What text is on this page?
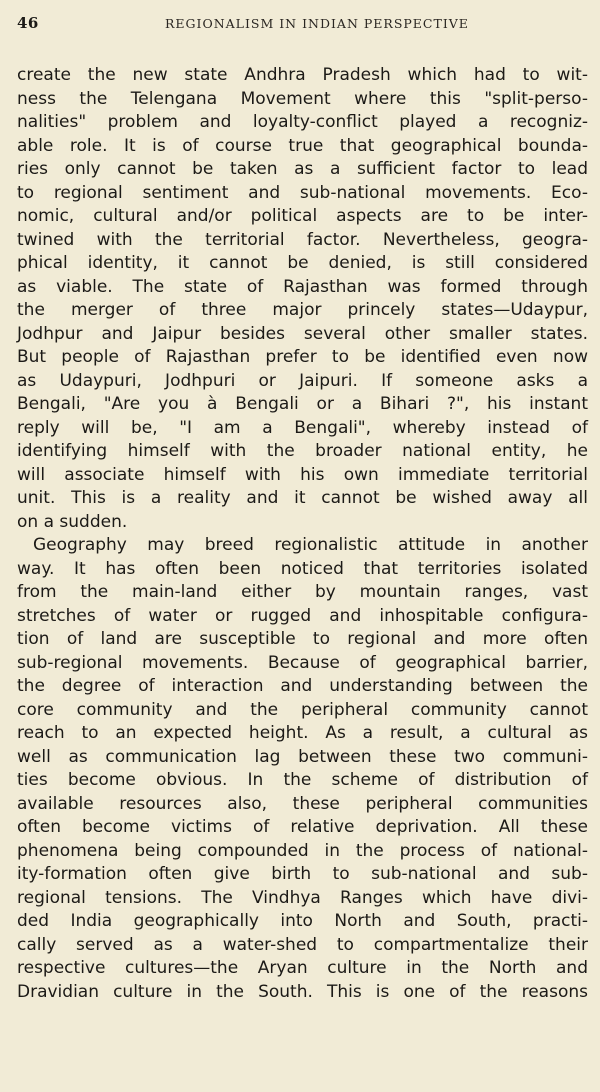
46	REGIONALISM IN INDIAN PERSPECTIVE
create the new state Andhra Pradesh which had to wit-
ness the Telengana Movement where this "split-perso-
nalities" problem and loyalty-conflict played a recogniz-
able role. It is of course true that geographical bounda-
ries only cannot be taken as a sufficient factor to lead
to regional sentiment and sub-national movements. Eco-
nomic, cultural and/or political aspects are to be inter-
twined with the territorial factor. Nevertheless, geogra-
phical identity, it cannot be denied, is still considered
as viable. The state of Rajasthan was formed through
the merger of three major princely states—Udaypur,
Jodhpur and Jaipur besides several other smaller states.
But people of Rajasthan prefer to be identified even now
as Udaypuri, Jodhpuri or Jaipuri. If someone asks a
Bengali, "Are you à Bengali or a Bihari ?", his instant
reply will be, "I am a Bengali", whereby instead of
identifying himself with the broader national entity, he
will associate himself with his own immediate territorial
unit. This is a reality and it cannot be wished away all
on a sudden.
Geography may breed regionalistic attitude in another
way. It has often been noticed that territories isolated
from the main-land either by mountain ranges, vast
stretches of water or rugged and inhospitable configura-
tion of land are susceptible to regional and more often
sub-regional movements. Because of geographical barrier,
the degree of interaction and understanding between the
core community and the peripheral community cannot
reach to an expected height. As a result, a cultural as
well as communication lag between these two communi-
ties become obvious. In the scheme of distribution of
available resources also, these peripheral communities
often become victims of relative deprivation. All these
phenomena being compounded in the process of national-
ity-formation often give birth to sub-national and sub-
regional tensions. The Vindhya Ranges which have divi-
ded India geographically into North and South, practi-
cally served as a water-shed to compartmentalize their
respective cultures—the Aryan culture in the North and
Dravidian culture in the South. This is one of the reasons
